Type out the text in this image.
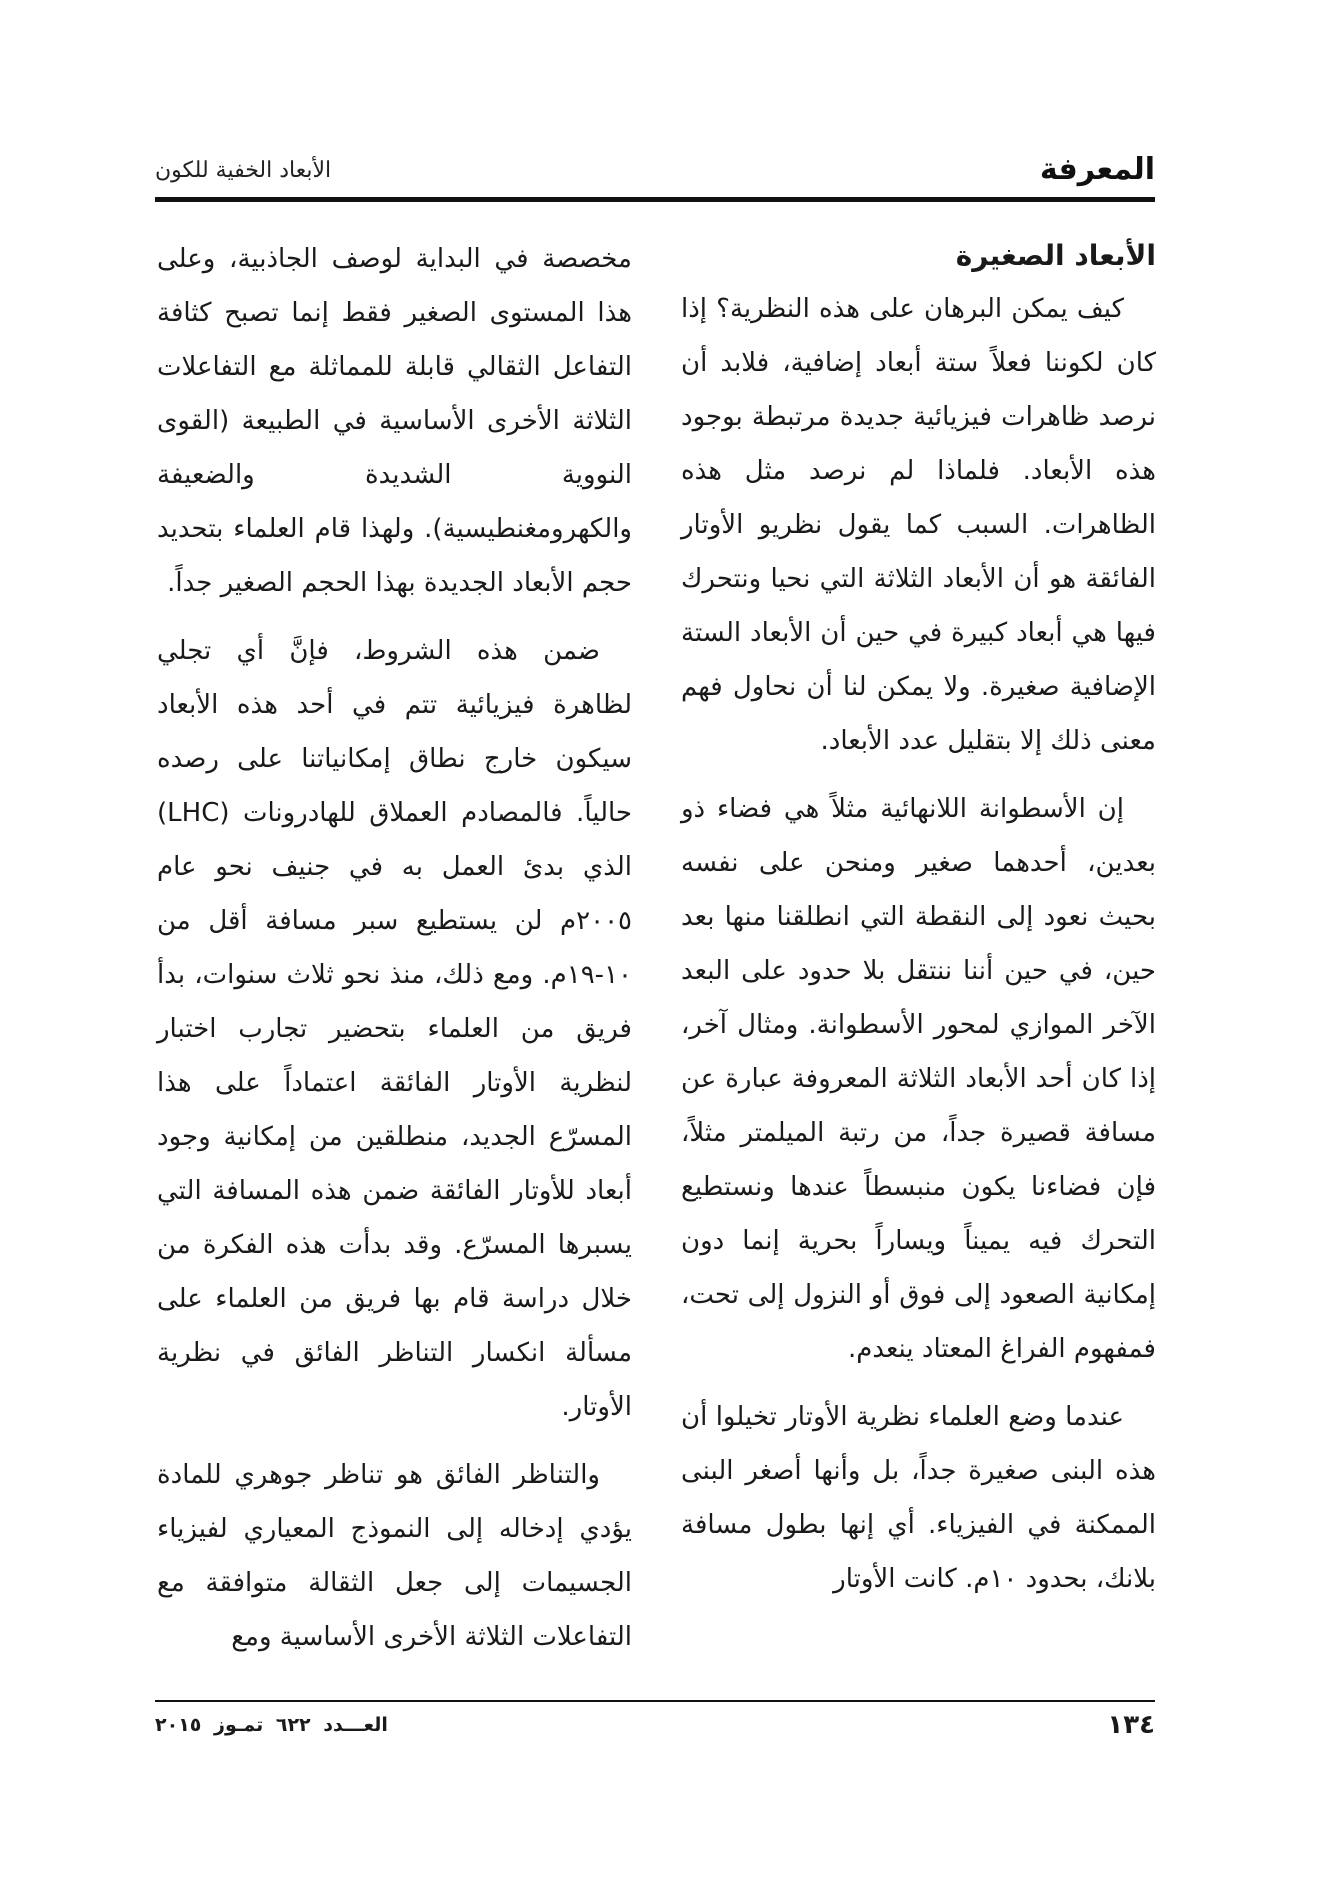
المعرفة
الأبعاد الخفية للكون
الأبعاد الصغيرة

كيف يمكن البرهان على هذه النظرية؟ إذا كان لكوننا فعلاً ستة أبعاد إضافية، فلابد أن نرصد ظاهرات فيزيائية جديدة مرتبطة بوجود هذه الأبعاد. فلماذا لم نرصد مثل هذه الظاهرات. السبب كما يقول نظريو الأوتار الفائقة هو أن الأبعاد الثلاثة التي نحيا ونتحرك فيها هي أبعاد كبيرة في حين أن الأبعاد الستة الإضافية صغيرة. ولا يمكن لنا أن نحاول فهم معنى ذلك إلا بتقليل عدد الأبعاد.

إن الأسطوانة اللانهائية مثلاً هي فضاء ذو بعدين، أحدهما صغير ومنحن على نفسه بحيث نعود إلى النقطة التي انطلقنا منها بعد حين، في حين أننا ننتقل بلا حدود على البعد الآخر الموازي لمحور الأسطوانة. ومثال آخر، إذا كان أحد الأبعاد الثلاثة المعروفة عبارة عن مسافة قصيرة جداً، من رتبة الميلمتر مثلاً، فإن فضاءنا يكون منبسطاً عندها ونستطيع التحرك فيه يميناً ويساراً بحرية إنما دون إمكانية الصعود إلى فوق أو النزول إلى تحت، فمفهوم الفراغ المعتاد ينعدم.

عندما وضع العلماء نظرية الأوتار تخيلوا أن هذه البنى صغيرة جداً، بل وأنها أصغر البنى الممكنة في الفيزياء. أي إنها بطول مسافة بلانك، بحدود ١٠م. كانت الأوتار

مخصصة في البداية لوصف الجاذبية، وعلى هذا المستوى الصغير فقط إنما تصبح كثافة التفاعل الثقالي قابلة للمماثلة مع التفاعلات الثلاثة الأخرى الأساسية في الطبيعة (القوى النووية الشديدة والضعيفة والكهرومغنطيسية). ولهذا قام العلماء بتحديد حجم الأبعاد الجديدة بهذا الحجم الصغير جداً.

ضمن هذه الشروط، فإنَّ أي تجلي لظاهرة فيزيائية تتم في أحد هذه الأبعاد سيكون خارج نطاق إمكانياتنا على رصده حالياً. فالمصادم العملاق للهادرونات (LHC) الذي بدئ العمل به في جنيف نحو عام ٢٠٠٥م لن يستطيع سبر مسافة أقل من ١٠-١٩م. ومع ذلك، منذ نحو ثلاث سنوات، بدأ فريق من العلماء بتحضير تجارب اختبار لنظرية الأوتار الفائقة اعتماداً على هذا المسرّع الجديد، منطلقين من إمكانية وجود أبعاد للأوتار الفائقة ضمن هذه المسافة التي يسبرها المسرّع. وقد بدأت هذه الفكرة من خلال دراسة قام بها فريق من العلماء على مسألة انكسار التناظر الفائق في نظرية الأوتار.

والتناظر الفائق هو تناظر جوهري للمادة يؤدي إدخاله إلى النموذج المعياري لفيزياء الجسيمات إلى جعل الثقالة متوافقة مع التفاعلات الثلاثة الأخرى الأساسية ومع

١٣٤
العـــدد ٦٢٢ تمـوز ٢٠١٥
